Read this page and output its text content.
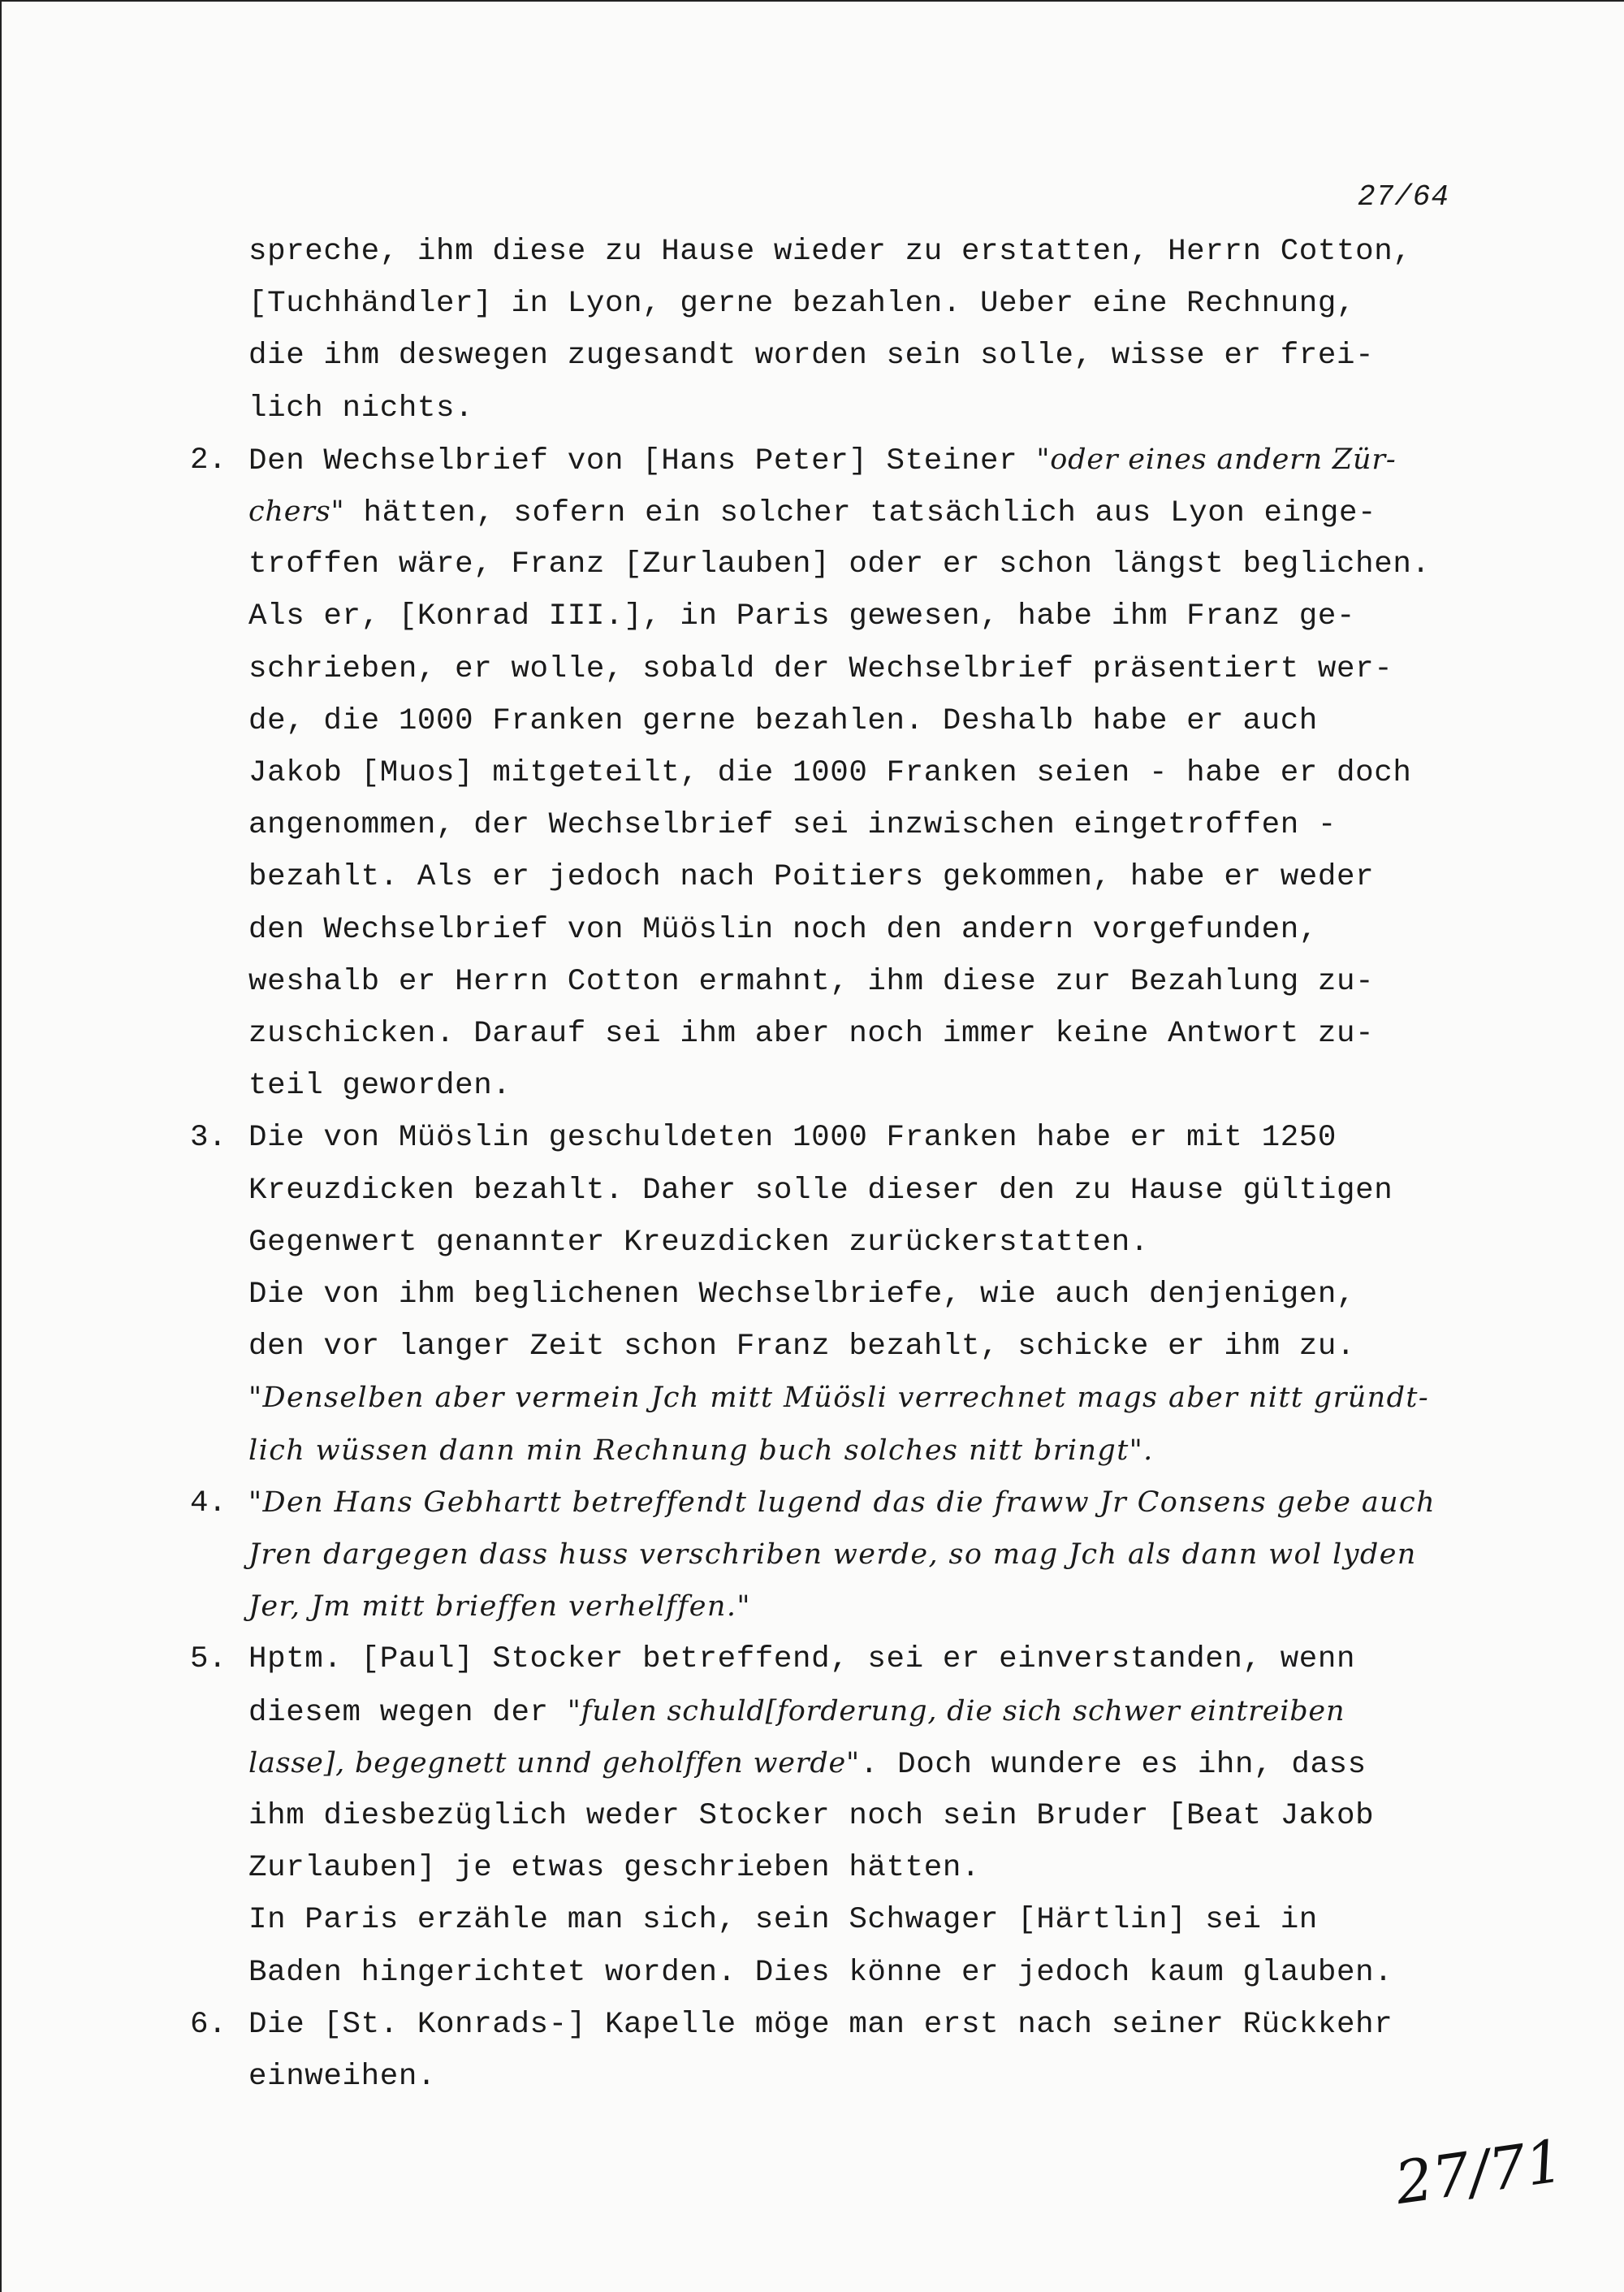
27/64
spreche, ihm diese zu Hause wieder zu erstatten, Herrn Cotton,
[Tuchhändler] in Lyon, gerne bezahlen. Ueber eine Rechnung,
die ihm deswegen zugesandt worden sein solle, wisse er frei-
lich nichts.
2. Den Wechselbrief von [Hans Peter] Steiner "oder eines andern Zür-
chers" hätten, sofern ein solcher tatsächlich aus Lyon einge-
troffen wäre, Franz [Zurlauben] oder er schon längst beglichen.
Als er, [Konrad III.], in Paris gewesen, habe ihm Franz ge-
schrieben, er wolle, sobald der Wechselbrief präsentiert wer-
de, die 1000 Franken gerne bezahlen. Deshalb habe er auch
Jakob [Muos] mitgeteilt, die 1000 Franken seien - habe er doch
angenommen, der Wechselbrief sei inzwischen eingetroffen -
bezahlt. Als er jedoch nach Poitiers gekommen, habe er weder
den Wechselbrief von Müöslin noch den andern vorgefunden,
weshalb er Herrn Cotton ermahnt, ihm diese zur Bezahlung zu-
zuschicken. Darauf sei ihm aber noch immer keine Antwort zu-
teil geworden.
3. Die von Müöslin geschuldeten 1000 Franken habe er mit 1250
Kreuzdicken bezahlt. Daher solle dieser den zu Hause gültigen
Gegenwert genannter Kreuzdicken zurückerstatten.
Die von ihm beglichenen Wechselbriefe, wie auch denjenigen,
den vor langer Zeit schon Franz bezahlt, schicke er ihm zu.
"Denselben aber vermein Jch mitt Müösli verrechnet mags aber nitt gründt-
lich wüssen dann min Rechnung buch solches nitt bringt".
4. "Den Hans Gebhartt betreffendt lugend das die fraww Jr Consens gebe auch
Jren dargegen dass huss verschriben werde, so mag Jch als dann wol lyden
Jer, Jm mitt brieffen verhelffen."
5. Hptm. [Paul] Stocker betreffend, sei er einverstanden, wenn
diesem wegen der "fulen schuld[forderung, die sich schwer eintreiben
lasse], begegnett unnd geholffen werde". Doch wundere es ihn, dass
ihm diesbezüglich weder Stocker noch sein Bruder [Beat Jakob
Zurlauben] je etwas geschrieben hätten.
In Paris erzähle man sich, sein Schwager [Härtlin] sei in
Baden hingerichtet worden. Dies könne er jedoch kaum glauben.
6. Die [St. Konrads-] Kapelle möge man erst nach seiner Rückkehr
einweihen.
27/71
